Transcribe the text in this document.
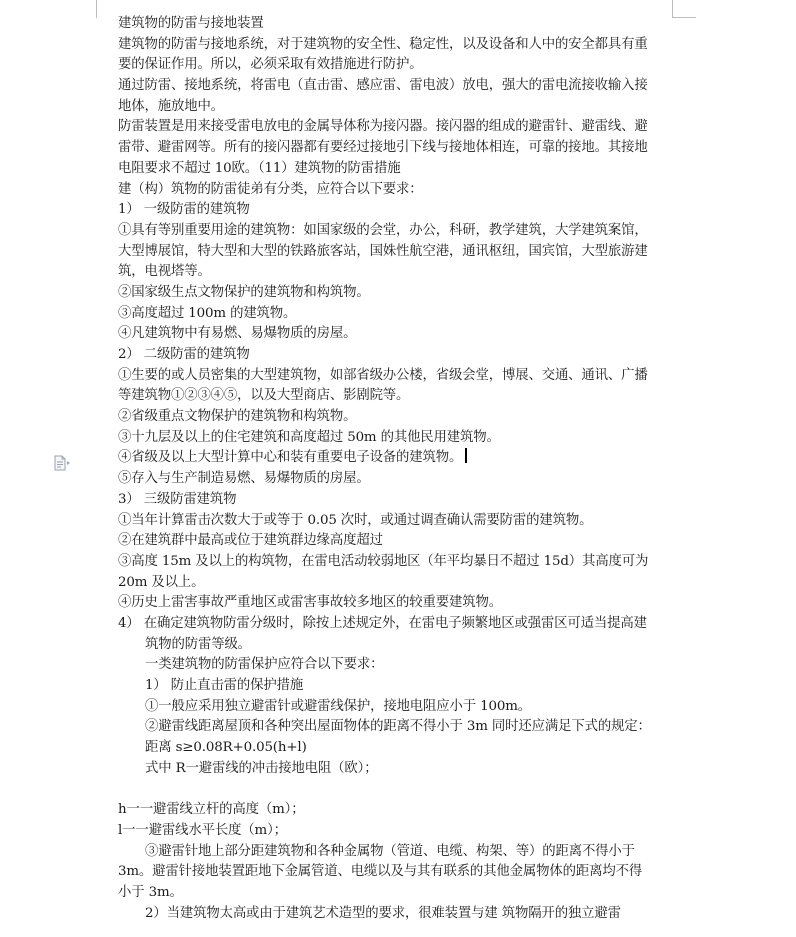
建筑物的防雷与接地装置
建筑物的防雷与接地系统，对于建筑物的安全性、稳定性，以及设备和人中的安全都具有重
要的保证作用。所以，必须采取有效措施进行防护。
通过防雷、接地系统，将雷电（直击雷、感应雷、雷电波）放电，强大的雷电流接收输入接
地体，施放地中。
防雷装置是用来接受雷电放电的金属导体称为接闪器。接闪器的组成的避雷针、避雷线、避
雷带、避雷网等。所有的接闪器都有要经过接地引下线与接地体相连，可靠的接地。其接地
电阻要求不超过 10欧。（11）建筑物的防雷措施
建（构）筑物的防雷徒弟有分类，应符合以下要求：
1） 一级防雷的建筑物
①具有等别重要用途的建筑物：如国家级的会堂，办公，科研，教学建筑，大学建筑案馆，
大型博展馆，特大型和大型的铁路旅客站，国姝性航空港，通讯枢纽，国宾馆，大型旅游建
筑，电视塔等。
②国家级生点文物保护的建筑物和构筑物。
③高度超过 100m 的建筑物。
④凡建筑物中有易燃、易爆物质的房屋。
2） 二级防雷的建筑物
①生要的或人员密集的大型建筑物，如部省级办公楼，省级会堂，博展、交通、通讯、广播
等建筑物①②③④⑤，以及大型商店、影剧院等。
②省级重点文物保护的建筑物和构筑物。
③十九层及以上的住宅建筑和高度超过 50m 的其他民用建筑物。
④省级及以上大型计算中心和装有重要电子设备的建筑物。
⑤存入与生产制造易燃、易爆物质的房屋。
3） 三级防雷建筑物
①当年计算雷击次数大于或等于 0.05 次时，或通过调查确认需要防雷的建筑物。
②在建筑群中最高或位于建筑群边缘高度超过
③高度 15m 及以上的构筑物，在雷电活动较弱地区（年平均暴日不超过 15d）其高度可为
20m 及以上。
④历史上雷害事故严重地区或雷害事故较多地区的较重要建筑物。
4） 在确定建筑物防雷分级时，除按上述规定外，在雷电子频繁地区或强雷区可适当提高建
筑物的防雷等级。
一类建筑物的防雷保护应符合以下要求：
1） 防止直击雷的保护措施
①一般应采用独立避雷针或避雷线保护，接地电阻应小于 100m。
②避雷线距离屋顶和各种突出屋面物体的距离不得小于 3m 同时还应满足下式的规定：
距离 s≥0.08R+0.05(h+l)
式中 R一避雷线的冲击接地电阻（欧）；
h一一避雷线立杆的高度（m）；
l一一避雷线水平长度（m）；
③避雷针地上部分距建筑物和各种金属物（管道、电缆、构架、等）的距离不得小于
3m。避雷针接地装置距地下金属管道、电缆以及与其有联系的其他金属物体的距离均不得
小于 3m。
2）当建筑物太高或由于建筑艺术造型的要求，很难装置与建 筑物隔开的独立避雷
